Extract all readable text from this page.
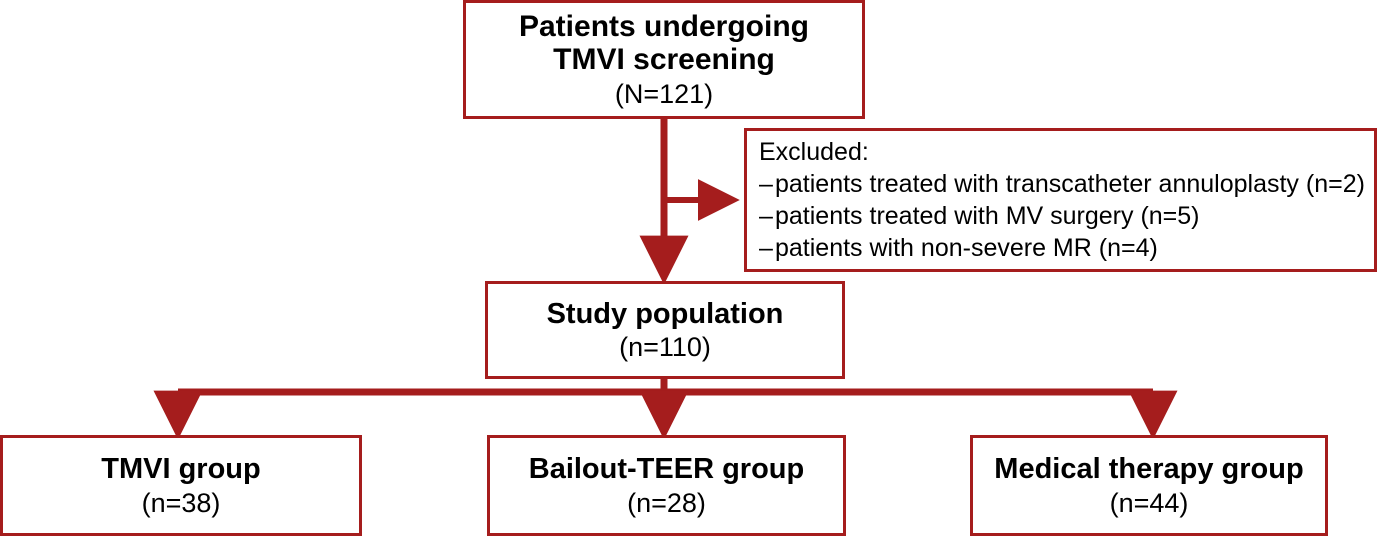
Patients undergoing
TMVI screening
(N=121)
Excluded:
–patients treated with transcatheter annuloplasty (n=2)
–patients treated with MV surgery (n=5)
–patients with non-severe MR (n=4)
Study population
(n=110)
TMVI group
(n=38)
Bailout-TEER group
(n=28)
Medical therapy group
(n=44)
